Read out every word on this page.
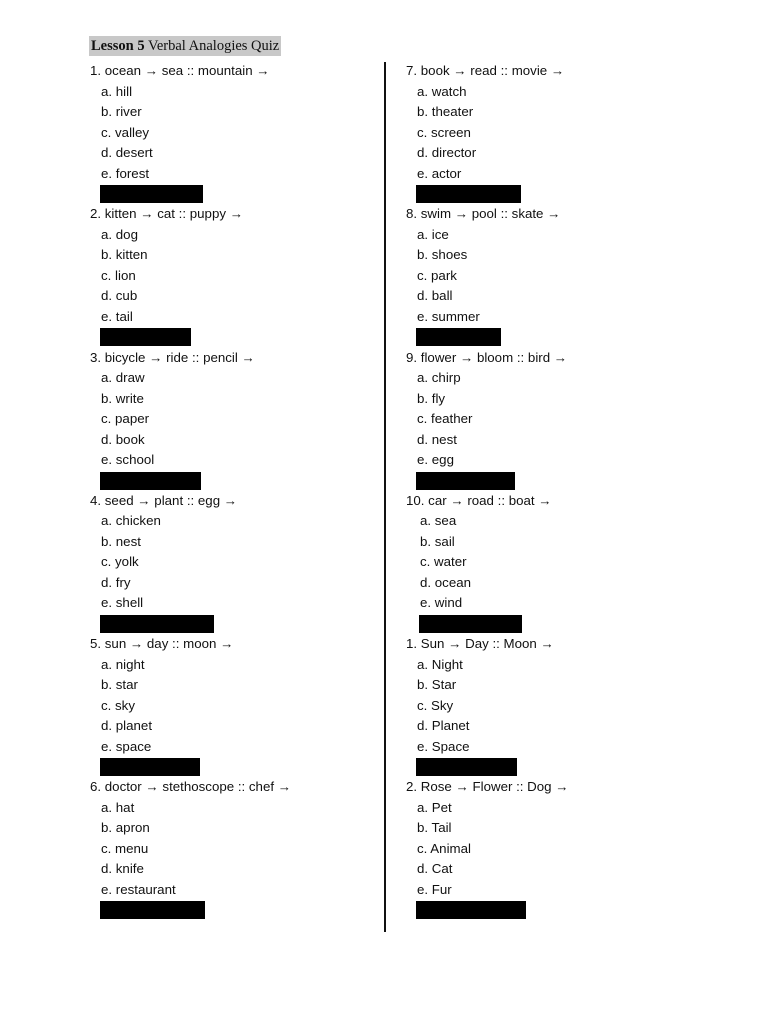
Lesson 5 Verbal Analogies Quiz
1. ocean → sea :: mountain →
a. hill
b. river
c. valley
d. desert
e. forest
2. kitten → cat :: puppy →
a. dog
b. kitten
c. lion
d. cub
e. tail
3. bicycle → ride :: pencil →
a. draw
b. write
c. paper
d. book
e. school
4. seed → plant :: egg →
a. chicken
b. nest
c. yolk
d. fry
e. shell
5. sun → day :: moon →
a. night
b. star
c. sky
d. planet
e. space
6. doctor → stethoscope :: chef →
a. hat
b. apron
c. menu
d. knife
e. restaurant
7. book → read :: movie →
a. watch
b. theater
c. screen
d. director
e. actor
8. swim → pool :: skate →
a. ice
b. shoes
c. park
d. ball
e. summer
9. flower → bloom :: bird →
a. chirp
b. fly
c. feather
d. nest
e. egg
10. car → road :: boat →
a. sea
b. sail
c. water
d. ocean
e. wind
1. Sun → Day :: Moon →
a. Night
b. Star
c. Sky
d. Planet
e. Space
2. Rose → Flower :: Dog →
a. Pet
b. Tail
c. Animal
d. Cat
e. Fur
